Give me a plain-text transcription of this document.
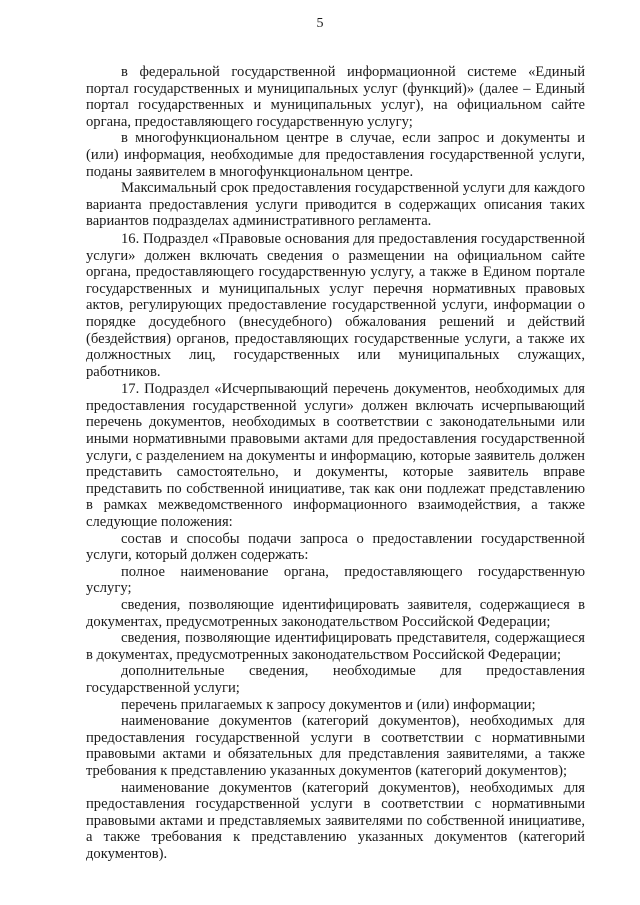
5

в федеральной государственной информационной системе «Единый портал государственных и муниципальных услуг (функций)» (далее – Единый портал государственных и муниципальных услуг), на официальном сайте органа, предоставляющего государственную услугу;

в многофункциональном центре в случае, если запрос и документы и (или) информация, необходимые для предоставления государственной услуги, поданы заявителем в многофункциональном центре.

Максимальный срок предоставления государственной услуги для каждого варианта предоставления услуги приводится в содержащих описания таких вариантов подразделах административного регламента.

16. Подраздел «Правовые основания для предоставления государственной услуги» должен включать сведения о размещении на официальном сайте органа, предоставляющего государственную услугу, а также в Едином портале государственных и муниципальных услуг перечня нормативных правовых актов, регулирующих предоставление государственной услуги, информации о порядке досудебного (внесудебного) обжалования решений и действий (бездействия) органов, предоставляющих государственные услуги, а также их должностных лиц, государственных или муниципальных служащих, работников.

17. Подраздел «Исчерпывающий перечень документов, необходимых для предоставления государственной услуги» должен включать исчерпывающий перечень документов, необходимых в соответствии с законодательными или иными нормативными правовыми актами для предоставления государственной услуги, с разделением на документы и информацию, которые заявитель должен представить самостоятельно, и документы, которые заявитель вправе представить по собственной инициативе, так как они подлежат представлению в рамках межведомственного информационного взаимодействия, а также следующие положения:

состав и способы подачи запроса о предоставлении государственной услуги, который должен содержать:

полное наименование органа, предоставляющего государственную услугу;

сведения, позволяющие идентифицировать заявителя, содержащиеся в документах, предусмотренных законодательством Российской Федерации;

сведения, позволяющие идентифицировать представителя, содержащиеся в документах, предусмотренных законодательством Российской Федерации;

дополнительные сведения, необходимые для предоставления государственной услуги;

перечень прилагаемых к запросу документов и (или) информации;

наименование документов (категорий документов), необходимых для предоставления государственной услуги в соответствии с нормативными правовыми актами и обязательных для представления заявителями, а также требования к представлению указанных документов (категорий документов);

наименование документов (категорий документов), необходимых для предоставления государственной услуги в соответствии с нормативными правовыми актами и представляемых заявителями по собственной инициативе, а также требования к представлению указанных документов (категорий документов).
